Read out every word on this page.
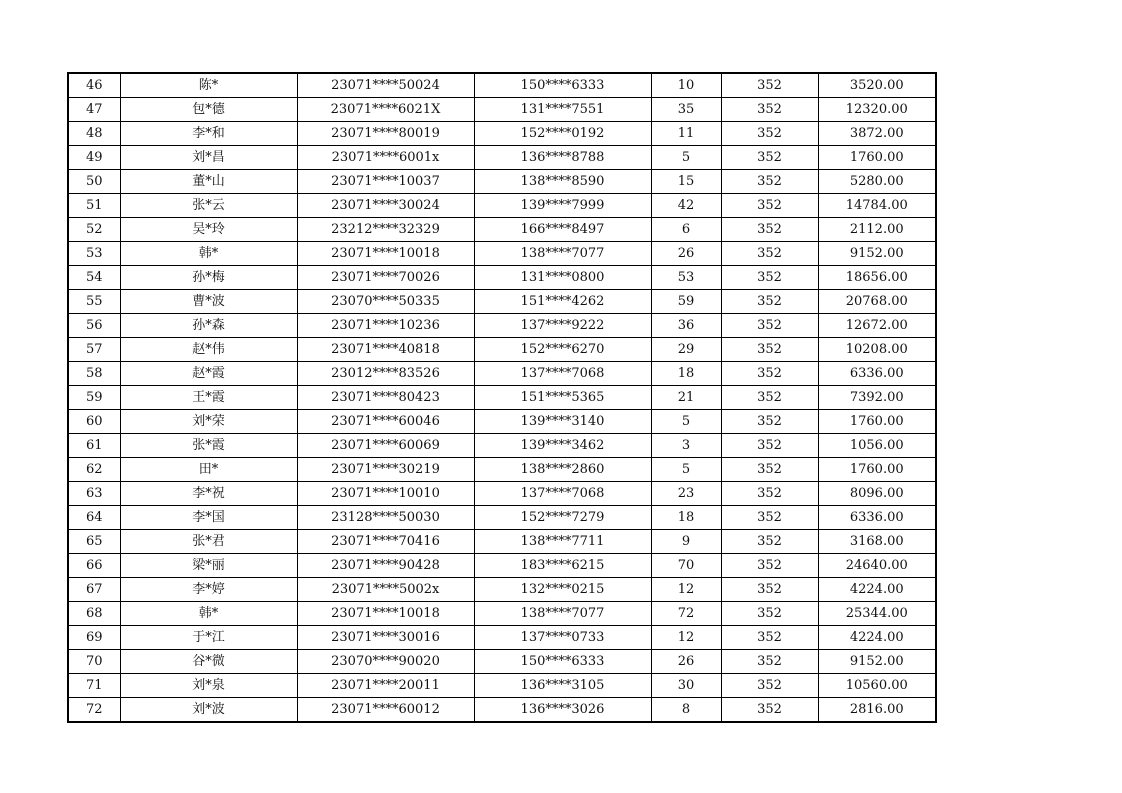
46	陈*	23071****50024	150****6333	10	352	3520.00
47	包*德	23071****6021X	131****7551	35	352	12320.00
48	李*和	23071****80019	152****0192	11	352	3872.00
49	刘*昌	23071****6001x	136****8788	5	352	1760.00
50	董*山	23071****10037	138****8590	15	352	5280.00
51	张*云	23071****30024	139****7999	42	352	14784.00
52	吴*玲	23212****32329	166****8497	6	352	2112.00
53	韩*	23071****10018	138****7077	26	352	9152.00
54	孙*梅	23071****70026	131****0800	53	352	18656.00
55	曹*波	23070****50335	151****4262	59	352	20768.00
56	孙*森	23071****10236	137****9222	36	352	12672.00
57	赵*伟	23071****40818	152****6270	29	352	10208.00
58	赵*霞	23012****83526	137****7068	18	352	6336.00
59	王*霞	23071****80423	151****5365	21	352	7392.00
60	刘*荣	23071****60046	139****3140	5	352	1760.00
61	张*霞	23071****60069	139****3462	3	352	1056.00
62	田*	23071****30219	138****2860	5	352	1760.00
63	李*祝	23071****10010	137****7068	23	352	8096.00
64	李*国	23128****50030	152****7279	18	352	6336.00
65	张*君	23071****70416	138****7711	9	352	3168.00
66	梁*丽	23071****90428	183****6215	70	352	24640.00
67	李*婷	23071****5002x	132****0215	12	352	4224.00
68	韩*	23071****10018	138****7077	72	352	25344.00
69	于*江	23071****30016	137****0733	12	352	4224.00
70	谷*微	23070****90020	150****6333	26	352	9152.00
71	刘*泉	23071****20011	136****3105	30	352	10560.00
72	刘*波	23071****60012	136****3026	8	352	2816.00
